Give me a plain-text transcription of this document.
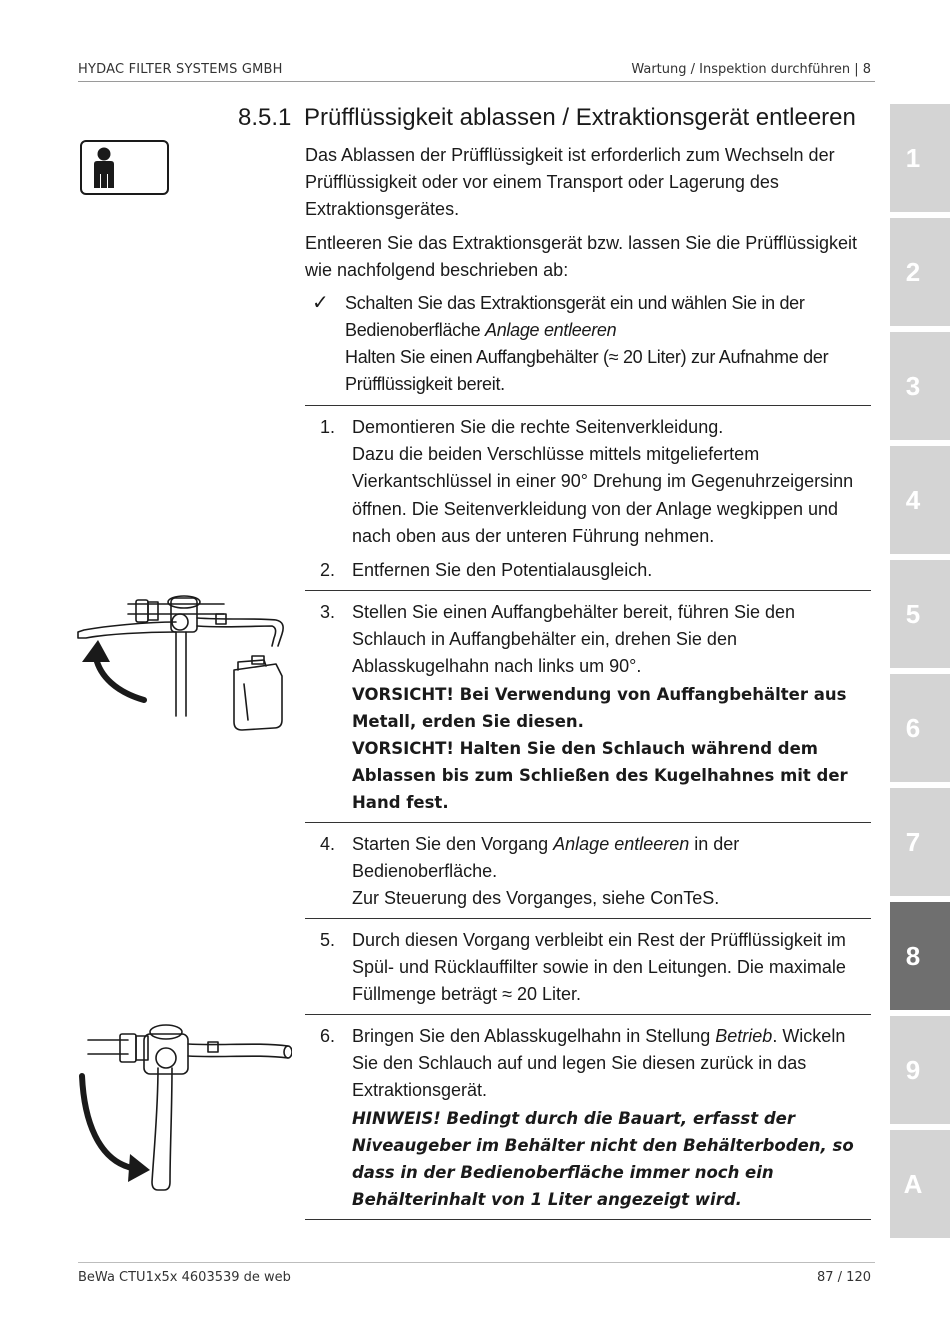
HYDAC FILTER SYSTEMS GMBH	Wartung / Inspektion durchführen | 8
1
2
3
4
5
6
7
8
9
A
8.5.1 Prüfflüssigkeit ablassen / Extraktionsgerät entleeren
Das Ablassen der Prüfflüssigkeit ist erforderlich zum Wechseln der Prüfflüssigkeit oder vor einem Transport oder Lagerung des Extraktionsgerätes.
Entleeren Sie das Extraktionsgerät bzw. lassen Sie die Prüfflüssigkeit wie nachfolgend beschrieben ab:
✓ Schalten Sie das Extraktionsgerät ein und wählen Sie in der Bedienoberfläche Anlage entleeren
Halten Sie einen Auffangbehälter (≈ 20 Liter) zur Aufnahme der Prüfflüssigkeit bereit.
1. Demontieren Sie die rechte Seitenverkleidung.
Dazu die beiden Verschlüsse mittels mitgeliefertem Vierkantschlüssel in einer 90° Drehung im Gegenuhrzeigersinn öffnen. Die Seitenverkleidung von der Anlage wegkippen und nach oben aus der unteren Führung nehmen.
2. Entfernen Sie den Potentialausgleich.
3. Stellen Sie einen Auffangbehälter bereit, führen Sie den Schlauch in Auffangbehälter ein, drehen Sie den Ablasskugelhahn nach links um 90°.
VORSICHT! Bei Verwendung von Auffangbehälter aus Metall, erden Sie diesen.
VORSICHT! Halten Sie den Schlauch während dem Ablassen bis zum Schließen des Kugelhahnes mit der Hand fest.
4. Starten Sie den Vorgang Anlage entleeren in der Bedienoberfläche.
Zur Steuerung des Vorganges, siehe ConTeS.
5. Durch diesen Vorgang verbleibt ein Rest der Prüfflüssigkeit im Spül- und Rücklauffilter sowie in den Leitungen. Die maximale Füllmenge beträgt ≈ 20 Liter.
6. Bringen Sie den Ablasskugelhahn in Stellung Betrieb. Wickeln Sie den Schlauch auf und legen Sie diesen zurück in das Extraktionsgerät.
HINWEIS! Bedingt durch die Bauart, erfasst der Niveaugeber im Behälter nicht den Behälterboden, so dass in der Bedienoberfläche immer noch ein Behälterinhalt von 1 Liter angezeigt wird.
BeWa CTU1x5x 4603539 de web	87 / 120
